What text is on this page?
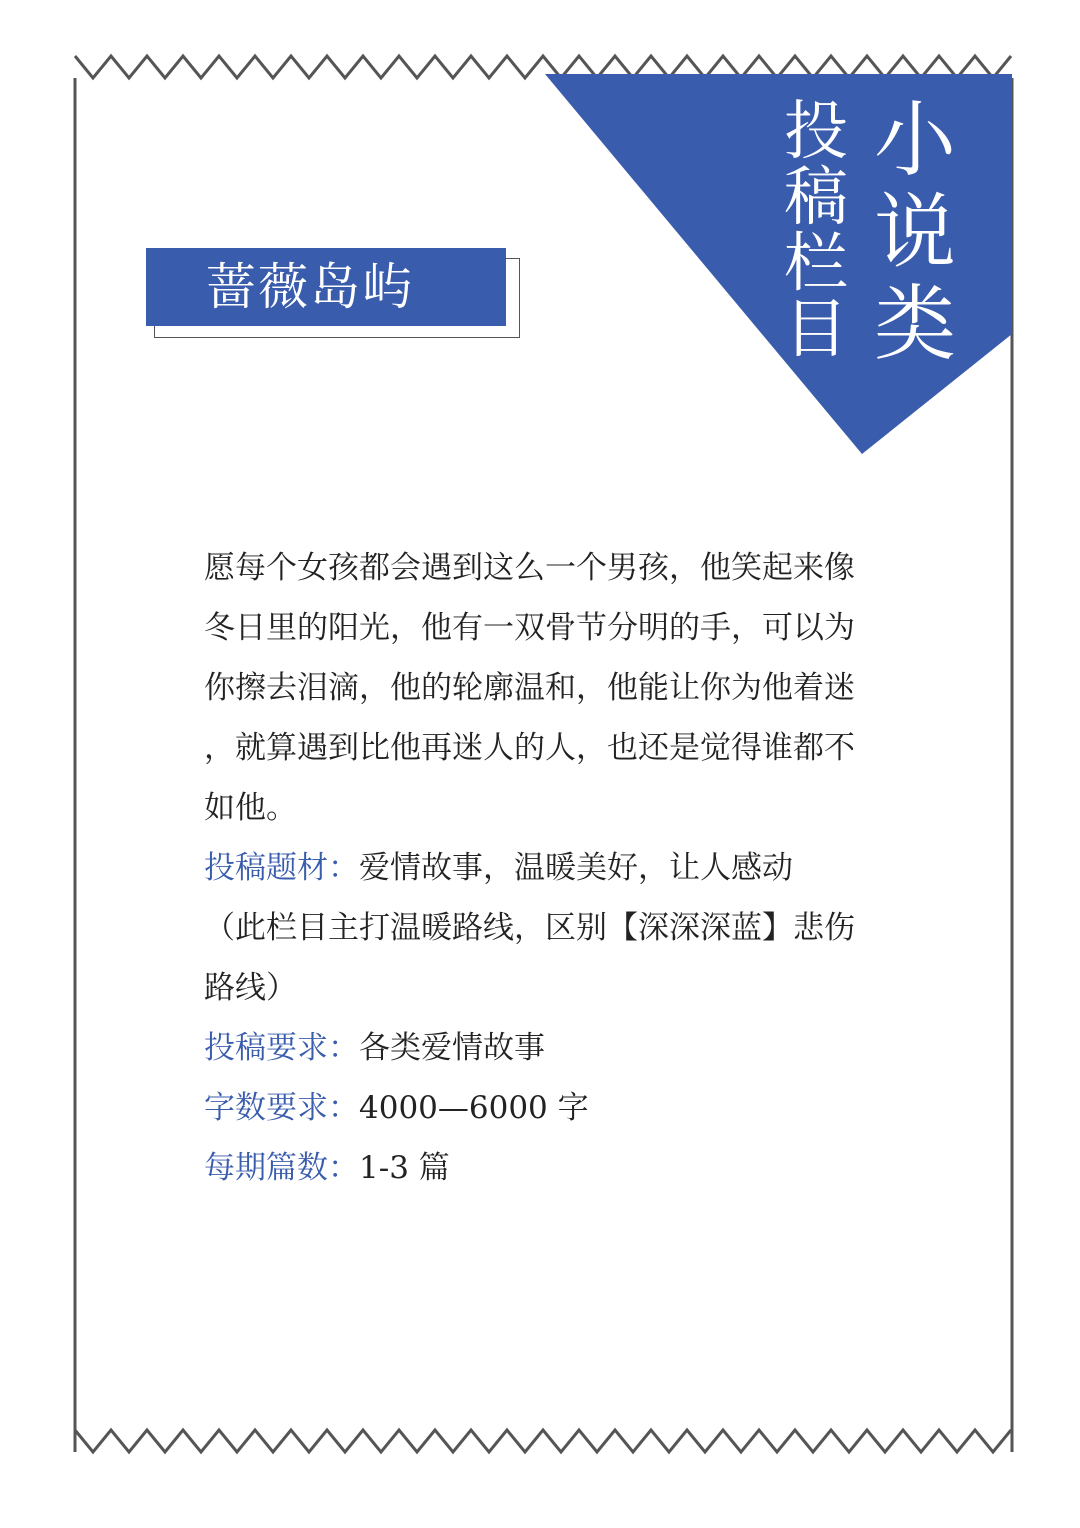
小
说
类
投
稿
栏
目
蔷薇岛屿

愿每个女孩都会遇到这么一个男孩，他笑起来像
冬日里的阳光，他有一双骨节分明的手，可以为
你擦去泪滴，他的轮廓温和，他能让你为他着迷
，就算遇到比他再迷人的人，也还是觉得谁都不
如他。

投稿题材：爱情故事，温暖美好，让人感动
（此栏目主打温暖路线，区别【深深深蓝】悲伤
路线）

投稿要求：各类爱情故事

字数要求：4000—6000 字

每期篇数：1-3 篇
